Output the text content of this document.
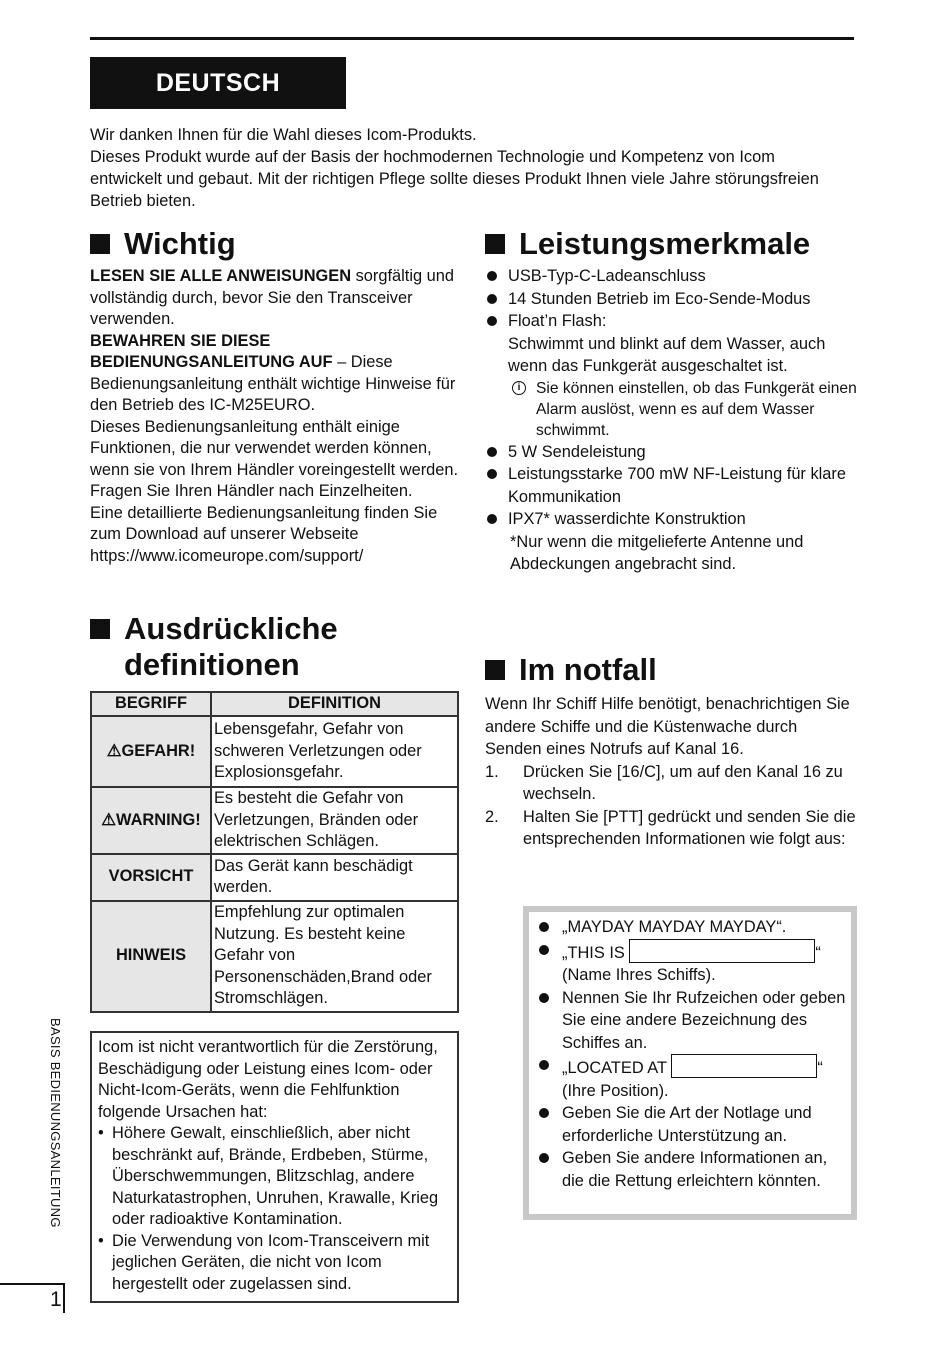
DEUTSCH
Wir danken Ihnen für die Wahl dieses Icom-Produkts.
Dieses Produkt wurde auf der Basis der hochmodernen Technologie und Kompetenz von Icom entwickelt und gebaut. Mit der richtigen Pflege sollte dieses Produkt Ihnen viele Jahre störungsfreien Betrieb bieten.
Wichtig

LESEN SIE ALLE ANWEISUNGEN sorgfältig und vollständig durch, bevor Sie den Transceiver verwenden.

BEWAHREN SIE DIESE BEDIENUNGSANLEITUNG AUF – Diese Bedienungsanleitung enthält wichtige Hinweise für den Betrieb des IC-M25EURO.

Dieses Bedienungsanleitung enthält einige Funktionen, die nur verwendet werden können, wenn sie von Ihrem Händler voreingestellt werden. Fragen Sie Ihren Händler nach Einzelheiten.

Eine detaillierte Bedienungsanleitung finden Sie zum Download auf unserer Webseite
https://www.icomeurope.com/support/

Ausdrückliche
definitionen
BEGRIFF	DEFINITION
⚠GEFAHR!	Lebensgefahr, Gefahr von schweren Verletzungen oder Explosionsgefahr.
⚠WARNING!	Es besteht die Gefahr von Verletzungen, Bränden oder elektrischen Schlägen.
VORSICHT	Das Gerät kann beschädigt werden.
HINWEIS	Empfehlung zur optimalen Nutzung. Es besteht keine Gefahr von Personenschäden,Brand oder Stromschlägen.
Icom ist nicht verantwortlich für die Zerstörung, Beschädigung oder Leistung eines Icom- oder Nicht-Icom-Geräts, wenn die Fehlfunktion folgende Ursachen hat:
• Höhere Gewalt, einschließlich, aber nicht beschränkt auf, Brände, Erdbeben, Stürme, Überschwemmungen, Blitzschlag, andere Naturkatastrophen, Unruhen, Krawalle, Krieg oder radioaktive Kontamination.
• Die Verwendung von Icom-Transceivern mit jeglichen Geräten, die nicht von Icom hergestellt oder zugelassen sind.
Leistungsmerkmale
USB-Typ-C-Ladeanschluss
14 Stunden Betrieb im Eco-Sende-Modus
Float’n Flash:
Schwimmt und blinkt auf dem Wasser, auch wenn das Funkgerät ausgeschaltet ist.
i	Sie können einstellen, ob das Funkgerät einen Alarm auslöst, wenn es auf dem Wasser schwimmt.
5 W Sendeleistung
Leistungsstarke 700 mW NF-Leistung für klare Kommunikation
IPX7* wasserdichte Konstruktion
*Nur wenn die mitgelieferte Antenne und Abdeckungen angebracht sind.
Im notfall

Wenn Ihr Schiff Hilfe benötigt, benachrichtigen Sie andere Schiffe und die Küstenwache durch Senden eines Notrufs auf Kanal 16.

1. Drücken Sie [16/C], um auf den Kanal 16 zu wechseln.
2. Halten Sie [PTT] gedrückt und senden Sie die entsprechenden Informationen wie folgt aus:
„MAYDAY MAYDAY MAYDAY“.
„THIS IS	“
(Name Ihres Schiffs).
Nennen Sie Ihr Rufzeichen oder geben Sie eine andere Bezeichnung des Schiffes an.
„LOCATED AT	“
(Ihre Position).
Geben Sie die Art der Notlage und erforderliche Unterstützung an.
Geben Sie andere Informationen an, die die Rettung erleichtern könnten.
BASIS BEDIENUNGSANLEITUNG
1
